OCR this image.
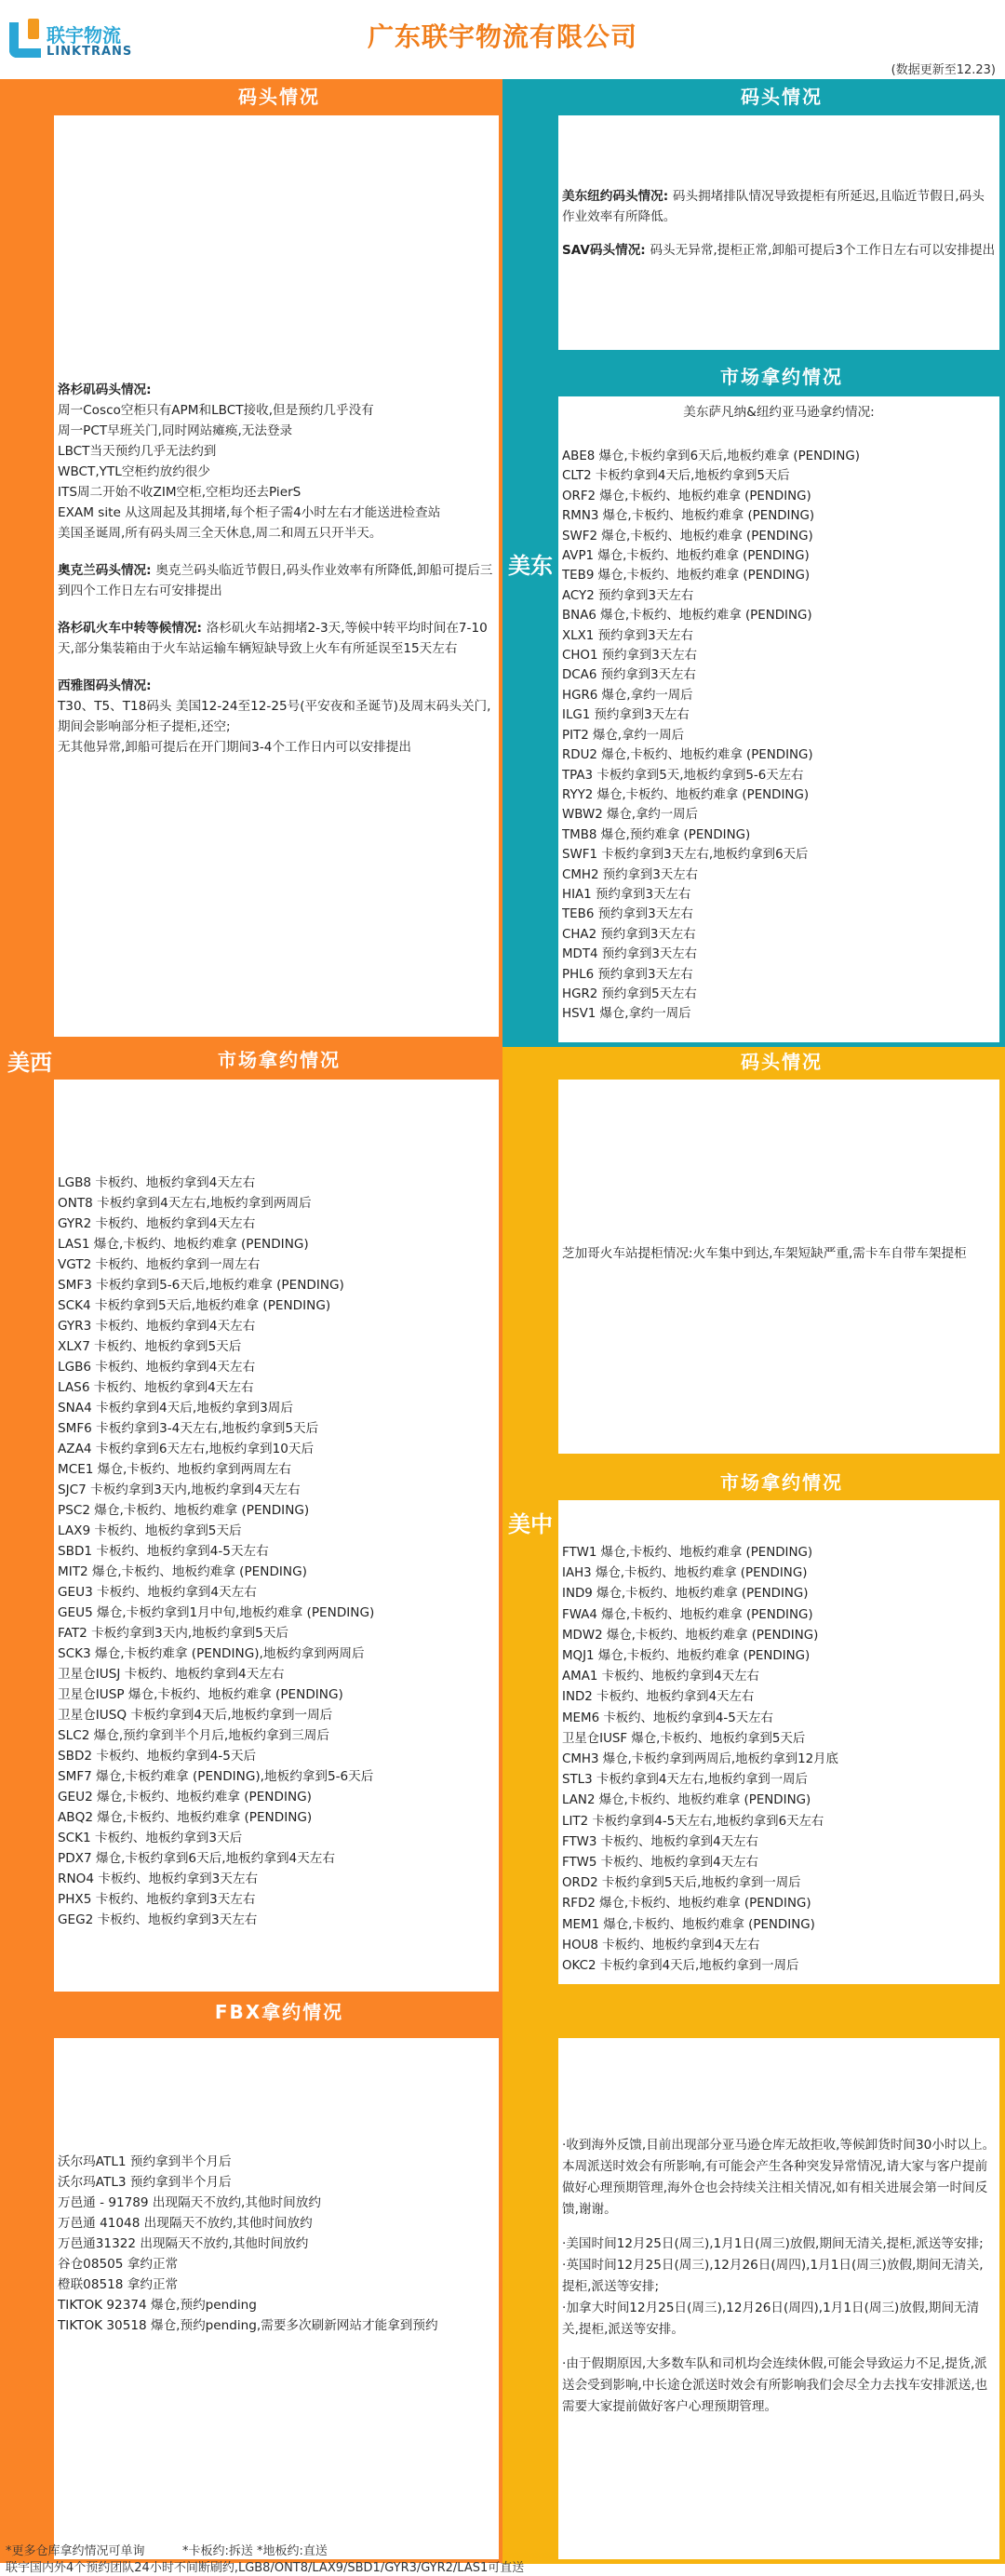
联宇物流
LINKTRANS	广东联宇物流有限公司
(数据更新至12.23)
码头情况
洛杉矶码头情况:
周一Cosco空柜只有APM和LBCT接收,但是预约几乎没有
周一PCT早班关门,同时网站瘫痪,无法登录
LBCT当天预约几乎无法约到
WBCT,YTL空柜约放约很少
ITS周二开始不收ZIM空柜,空柜均还去PierS
EXAM site 从这周起及其拥堵,每个柜子需4小时左右才能送进检查站
美国圣诞周,所有码头周三全天休息,周二和周五只开半天。
奥克兰码头情况: 奥克兰码头临近节假日,码头作业效率有所降低,卸船可提后三到四个工作日左右可安排提出
洛杉矶火车中转等候情况: 洛杉矶火车站拥堵2-3天,等候中转平均时间在7-10天,部分集装箱由于火车站运输车辆短缺导致上火车有所延误至15天左右
西雅图码头情况:
T30、T5、T18码头 美国12-24至12-25号(平安夜和圣诞节)及周末码头关门,期间会影响部分柜子提柜,还空;
无其他异常,卸船可提后在开门期间3-4个工作日内可以安排提出
美西	市场拿约情况
LGB8 卡板约、地板约拿到4天左右
ONT8 卡板约拿到4天左右,地板约拿到两周后
GYR2 卡板约、地板约拿到4天左右
LAS1 爆仓,卡板约、地板约难拿 (PENDING)
VGT2 卡板约、地板约拿到一周左右
SMF3 卡板约拿到5-6天后,地板约难拿 (PENDING)
SCK4 卡板约拿到5天后,地板约难拿 (PENDING)
GYR3 卡板约、地板约拿到4天左右
XLX7 卡板约、地板约拿到5天后
LGB6 卡板约、地板约拿到4天左右
LAS6 卡板约、地板约拿到4天左右
SNA4 卡板约拿到4天后,地板约拿到3周后
SMF6 卡板约拿到3-4天左右,地板约拿到5天后
AZA4 卡板约拿到6天左右,地板约拿到10天后
MCE1 爆仓,卡板约、地板约拿到两周左右
SJC7 卡板约拿到3天内,地板约拿到4天左右
PSC2 爆仓,卡板约、地板约难拿 (PENDING)
LAX9 卡板约、地板约拿到5天后
SBD1 卡板约、地板约拿到4-5天左右
MIT2 爆仓,卡板约、地板约难拿 (PENDING)
GEU3 卡板约、地板约拿到4天左右
GEU5 爆仓,卡板约拿到1月中旬,地板约难拿 (PENDING)
FAT2 卡板约拿到3天内,地板约拿到5天后
SCK3 爆仓,卡板约难拿 (PENDING),地板约拿到两周后
卫星仓IUSJ 卡板约、地板约拿到4天左右
卫星仓IUSP 爆仓,卡板约、地板约难拿 (PENDING)
卫星仓IUSQ 卡板约拿到4天后,地板约拿到一周后
SLC2 爆仓,预约拿到半个月后,地板约拿到三周后
SBD2 卡板约、地板约拿到4-5天后
SMF7 爆仓,卡板约难拿 (PENDING),地板约拿到5-6天后
GEU2 爆仓,卡板约、地板约难拿 (PENDING)
ABQ2 爆仓,卡板约、地板约难拿 (PENDING)
SCK1 卡板约、地板约拿到3天后
PDX7 爆仓,卡板约拿到6天后,地板约拿到4天左右
RNO4 卡板约、地板约拿到3天左右
PHX5 卡板约、地板约拿到3天左右
GEG2 卡板约、地板约拿到3天左右
FBX拿约情况
沃尔玛ATL1 预约拿到半个月后
沃尔玛ATL3 预约拿到半个月后
万邑通 - 91789 出现隔天不放约,其他时间放约
万邑通 41048 出现隔天不放约,其他时间放约
万邑通31322 出现隔天不放约,其他时间放约
谷仓08505 拿约正常
橙联08518 拿约正常
TIKTOK 92374 爆仓,预约pending
TIKTOK 30518 爆仓,预约pending,需要多次刷新网站才能拿到预约
码头情况
美东纽约码头情况: 码头拥堵排队情况导致提柜有所延迟,且临近节假日,码头作业效率有所降低。
SAV码头情况: 码头无异常,提柜正常,卸船可提后3个工作日左右可以安排提出
市场拿约情况
美东萨凡纳&纽约亚马逊拿约情况:
美东
ABE8 爆仓,卡板约拿到6天后,地板约难拿 (PENDING)
CLT2 卡板约拿到4天后,地板约拿到5天后
ORF2 爆仓,卡板约、地板约难拿 (PENDING)
RMN3 爆仓,卡板约、地板约难拿 (PENDING)
SWF2 爆仓,卡板约、地板约难拿 (PENDING)
AVP1 爆仓,卡板约、地板约难拿 (PENDING)
TEB9 爆仓,卡板约、地板约难拿 (PENDING)
ACY2 预约拿到3天左右
BNA6 爆仓,卡板约、地板约难拿 (PENDING)
XLX1 预约拿到3天左右
CHO1 预约拿到3天左右
DCA6 预约拿到3天左右
HGR6 爆仓,拿约一周后
ILG1 预约拿到3天左右
PIT2 爆仓,拿约一周后
RDU2 爆仓,卡板约、地板约难拿 (PENDING)
TPA3 卡板约拿到5天,地板约拿到5-6天左右
RYY2 爆仓,卡板约、地板约难拿 (PENDING)
WBW2 爆仓,拿约一周后
TMB8 爆仓,预约难拿 (PENDING)
SWF1 卡板约拿到3天左右,地板约拿到6天后
CMH2 预约拿到3天左右
HIA1 预约拿到3天左右
TEB6 预约拿到3天左右
CHA2 预约拿到3天左右
MDT4 预约拿到3天左右
PHL6 预约拿到3天左右
HGR2 预约拿到5天左右
HSV1 爆仓,拿约一周后
码头情况
芝加哥火车站提柜情况:火车集中到达,车架短缺严重,需卡车自带车架提柜
市场拿约情况
美中
FTW1 爆仓,卡板约、地板约难拿 (PENDING)
IAH3 爆仓,卡板约、地板约难拿 (PENDING)
IND9 爆仓,卡板约、地板约难拿 (PENDING)
FWA4 爆仓,卡板约、地板约难拿 (PENDING)
MDW2 爆仓,卡板约、地板约难拿 (PENDING)
MQJ1 爆仓,卡板约、地板约难拿 (PENDING)
AMA1 卡板约、地板约拿到4天左右
IND2 卡板约、地板约拿到4天左右
MEM6 卡板约、地板约拿到4-5天左右
卫星仓IUSF 爆仓,卡板约、地板约拿到5天后
CMH3 爆仓,卡板约拿到两周后,地板约拿到12月底
STL3 卡板约拿到4天左右,地板约拿到一周后
LAN2 爆仓,卡板约、地板约难拿 (PENDING)
LIT2 卡板约拿到4-5天左右,地板约拿到6天左右
FTW3 卡板约、地板约拿到4天左右
FTW5 卡板约、地板约拿到4天左右
ORD2 卡板约拿到5天后,地板约拿到一周后
RFD2 爆仓,卡板约、地板约难拿 (PENDING)
MEM1 爆仓,卡板约、地板约难拿 (PENDING)
HOU8 卡板约、地板约拿到4天左右
OKC2 卡板约拿到4天后,地板约拿到一周后
·收到海外反馈,目前出现部分亚马逊仓库无故拒收,等候卸货时间30小时以上。本周派送时效会有所影响,有可能会产生各种突发异常情况,请大家与客户提前做好心理预期管理,海外仓也会持续关注相关情况,如有相关进展会第一时间反馈,谢谢。
·美国时间12月25日(周三),1月1日(周三)放假,期间无清关,提柜,派送等安排;
·英国时间12月25日(周三),12月26日(周四),1月1日(周三)放假,期间无清关,提柜,派送等安排;
·加拿大时间12月25日(周三),12月26日(周四),1月1日(周三)放假,期间无清关,提柜,派送等安排。
·由于假期原因,大多数车队和司机均会连续休假,可能会导致运力不足,提货,派送会受到影响,中长途仓派送时效会有所影响我们会尽全力去找车安排派送,也需要大家提前做好客户心理预期管理。
*更多仓库拿约情况可单询	*卡板约:拆送 *地板约:直送
联宇国内外4个预约团队24小时不间断刷约,LGB8/ONT8/LAX9/SBD1/GYR3/GYR2/LAS1可直送
